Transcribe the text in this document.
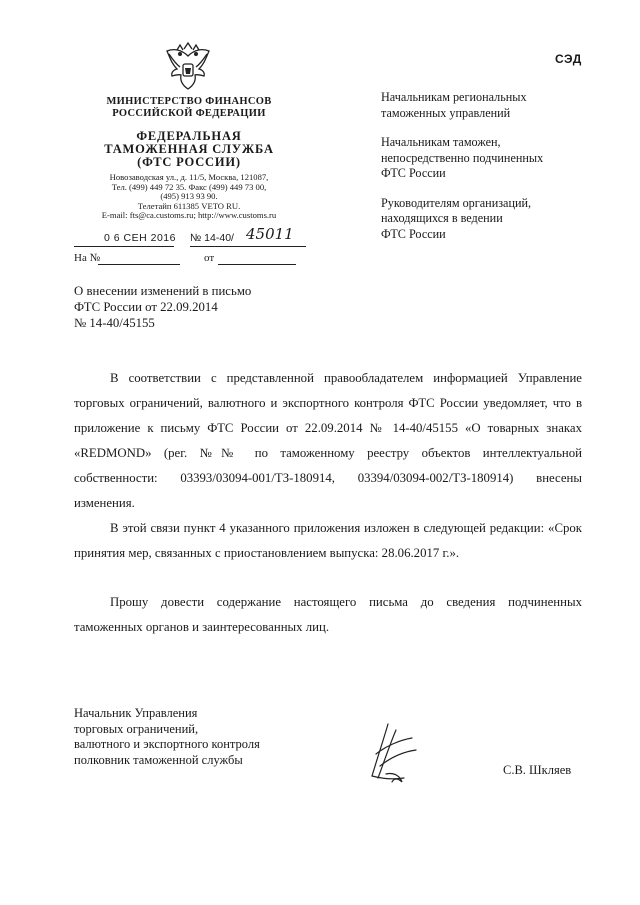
СЭД
МИНИСТЕРСТВО ФИНАНСОВ
РОССИЙСКОЙ ФЕДЕРАЦИИ
ФЕДЕРАЛЬНАЯ
ТАМОЖЕННАЯ СЛУЖБА
(ФТС РОССИИ)
Новозаводская ул., д. 11/5, Москва, 121087,
Тел. (499) 449 72 35. Факс (499) 449 73 00,
(495) 913 93 90.
Телетайп 611385 VETO RU.
E-mail: fts@ca.customs.ru; http://www.customs.ru
0 6 СЕН 2016 № 14-40/ 45011
На №	от
Начальникам региональных
таможенных управлений
Начальникам таможен,
непосредственно подчиненных
ФТС России
Руководителям организаций,
находящихся в ведении
ФТС России
О внесении изменений в письмо
ФТС России от 22.09.2014
№ 14-40/45155

В соответствии с представленной правообладателем информацией Управление торговых ограничений, валютного и экспортного контроля ФТС России уведомляет, что в приложение к письму ФТС России от 22.09.2014 № 14-40/45155 «О товарных знаках «REDMOND» (рег. №№ по таможенному реестру объектов интеллектуальной собственности: 03393/03094-001/ТЗ-180914, 03394/03094-002/ТЗ-180914) внесены изменения.

В этой связи пункт 4 указанного приложения изложен в следующей редакции: «Срок принятия мер, связанных с приостановлением выпуска: 28.06.2017 г.».

Прошу довести содержание настоящего письма до сведения подчиненных таможенных органов и заинтересованных лиц.

Начальник Управления
торговых ограничений,
валютного и экспортного контроля
полковник таможенной службы
С.В. Шкляев
